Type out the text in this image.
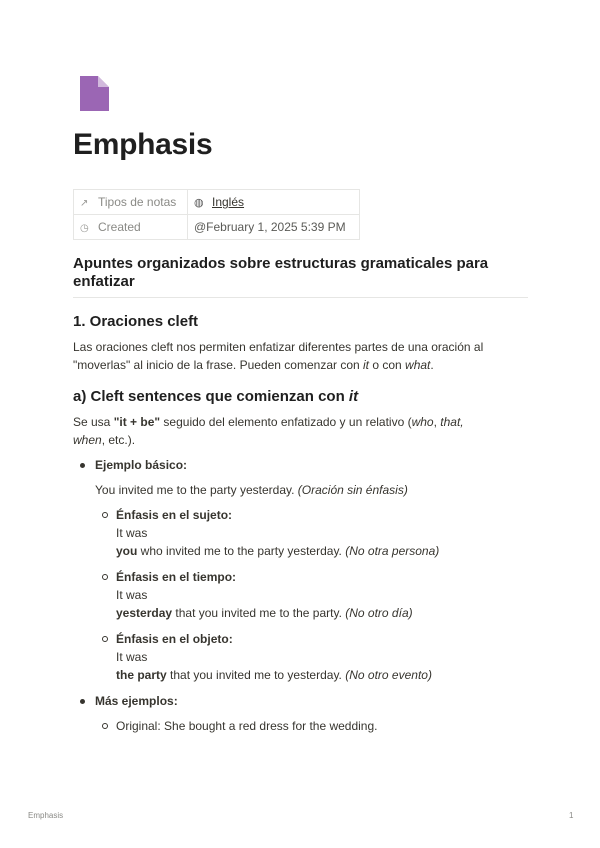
Emphasis
↗ Tipos de notas	◍ Inglés
◷ Created	@February 1, 2025 5:39 PM
Apuntes organizados sobre estructuras gramaticales para enfatizar
1. Oraciones cleft

Las oraciones cleft nos permiten enfatizar diferentes partes de una oración al

"moverlas" al inicio de la frase. Pueden comenzar con it o con what.

a) Cleft sentences que comienzan con it

Se usa "it + be" seguido del elemento enfatizado y un relativo (who, that,

when, etc.).

Ejemplo básico:

You invited me to the party yesterday. (Oración sin énfasis)

Énfasis en el sujeto:

It was

you who invited me to the party yesterday. (No otra persona)

Énfasis en el tiempo:

It was

yesterday that you invited me to the party. (No otro día)

Énfasis en el objeto:

It was

the party that you invited me to yesterday. (No otro evento)

Más ejemplos:

Original: She bought a red dress for the wedding.

Emphasis	1
